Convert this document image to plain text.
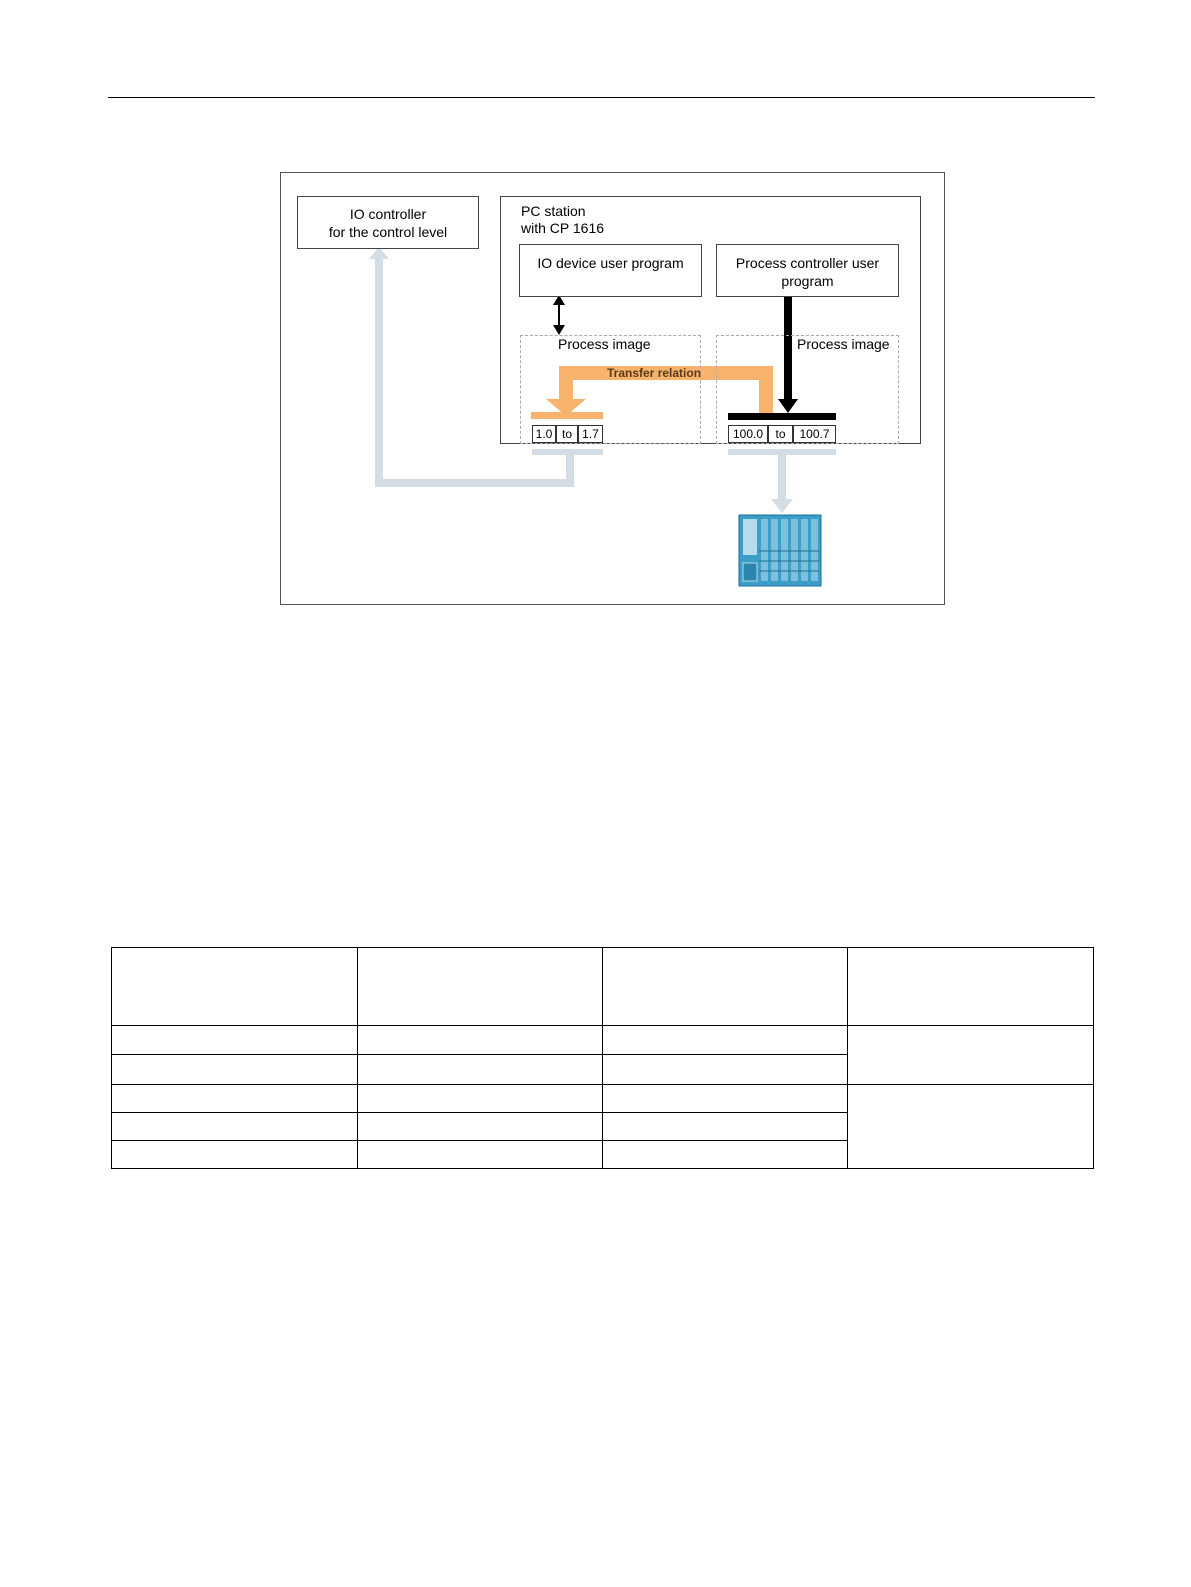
IO controller
for the control level
PC station
with CP 1616
IO device user program	Process controller user
program
Process image	Process image
Transfer relation
1.0 to 1.7	100.0	to	100.7
